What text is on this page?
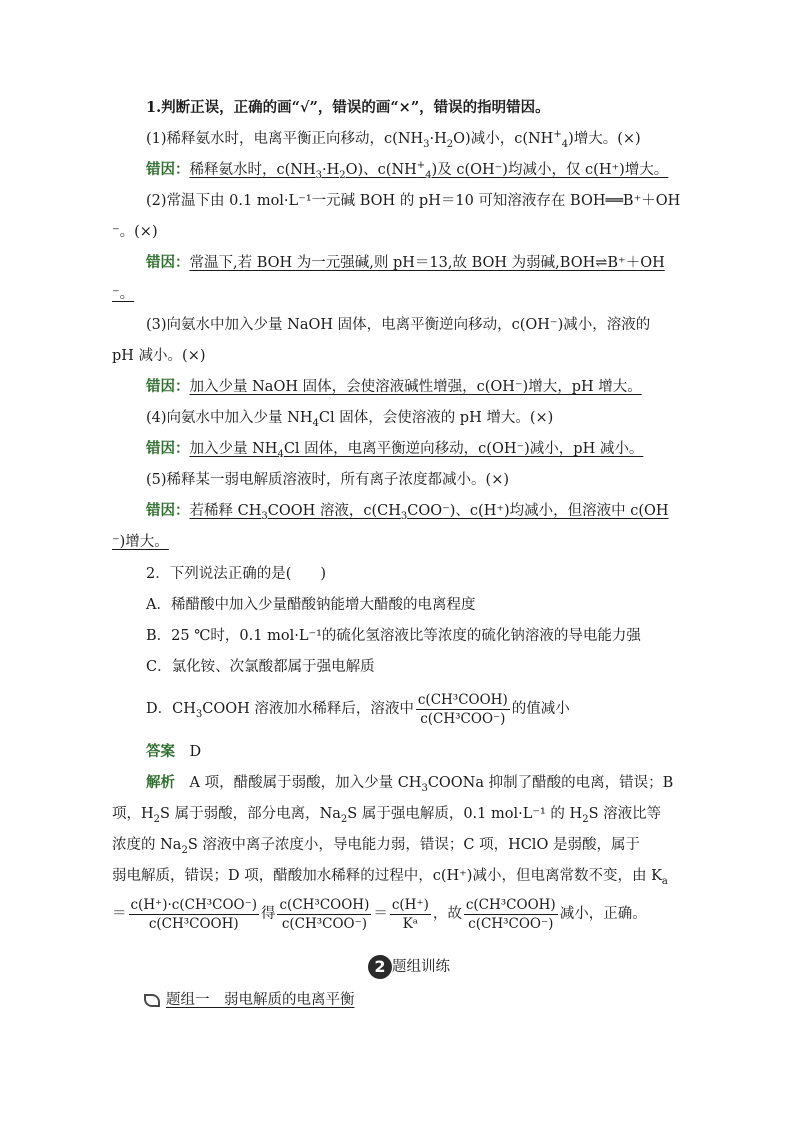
1.判断正误，正确的画“√”，错误的画“×”，错误的指明错因。
(1)稀释氨水时，电离平衡正向移动，$c(NH_3\cdot H_2O)$减小，$c(NH^+_4)$增大。(×)
错因：稀释氨水时，$c(NH_3\cdot H_2O)$、$c(NH^+_4)$及 c(OH⁻)均减小，仅 c(H⁺)增大。
(2)常温下由 0.1 mol·L⁻¹一元碱 BOH 的 pH＝10 可知溶液存在 BOH══B⁺＋OH
⁻。(×)
错因：常温下,若 BOH 为一元强碱,则 pH＝13,故 BOH 为弱碱,BOH⇌B⁺＋OH
⁻。
(3)向氨水中加入少量 NaOH 固体，电离平衡逆向移动，c(OH⁻)减小，溶液的
pH 减小。(×)
错因：加入少量 NaOH 固体，会使溶液碱性增强，c(OH⁻)增大，pH 增大。
(4)向氨水中加入少量 $NH_4Cl$ 固体，会使溶液的 pH 增大。(×)
错因：加入少量 $NH_4Cl$ 固体，电离平衡逆向移动，c(OH⁻)减小，pH 减小。
(5)稀释某一弱电解质溶液时，所有离子浓度都减小。(×)
错因：若稀释 $CH_3COOH$ 溶液，$c(CH_3COO^-)$、c(H⁺)均减小，但溶液中 c(OH
⁻)增大。
2．下列说法正确的是(　　)
A．稀醋酸中加入少量醋酸钠能增大醋酸的电离程度
B．25 ℃时，0.1 mol·L⁻¹的硫化氢溶液比等浓度的硫化钠溶液的导电能力强
C．氯化铵、次氯酸都属于强电解质
D．$CH_3COOH$ 溶液加水稀释后，溶液中 $\frac{\text{c(CH³COOH)}}{\text{c(CH³COO⁻)}}$ 的值减小
答案　 D
解析　 A 项，醋酸属于弱酸，加入少量 $CH_3COONa$ 抑制了醋酸的电离，错误；B
项，$H_2S$ 属于弱酸，部分电离，$Na_2S$ 属于强电解质，0.1 mol·L⁻¹ 的 $H_2S$ 溶液比等
浓度的 $Na_2S$ 溶液中离子浓度小，导电能力弱，错误；C 项，HClO 是弱酸，属于
弱电解质，错误；D 项，醋酸加水稀释的过程中，c(H⁺)减小，但电离常数不变，由 $K_a$
＝ $\frac{\text{c(H⁺)·c(CH³COO⁻)}}{\text{c(CH³COOH)}}$ 得 $\frac{\text{c(CH³COOH)}}{\text{c(CH³COO⁻)}} = \frac{c(H^+)}{\text{Kᵃ}}$ ，故 $\frac{\text{c(CH³COOH)}}{\text{c(CH³COO⁻)}}$ 减小，正确。
2 题组训练
题组一　弱电解质的电离平衡
